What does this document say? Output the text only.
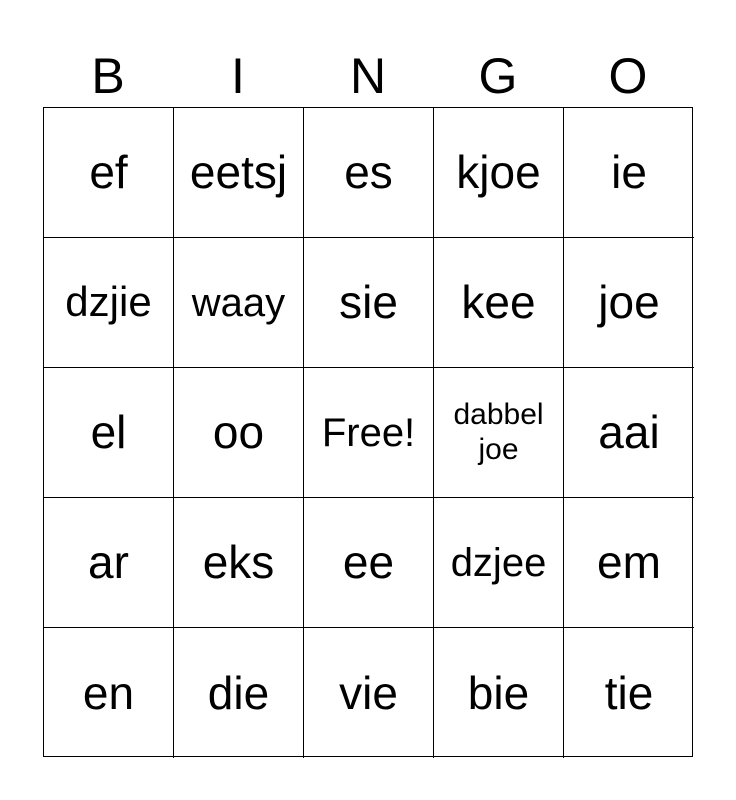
B	I	N	G	O
ef	eetsj	es	kjoe	ie
dzjie	waay	sie	kee	joe
el	oo	Free!	dabbel joe	aai
ar	eks	ee	dzjee	em
en	die	vie	bie	tie
